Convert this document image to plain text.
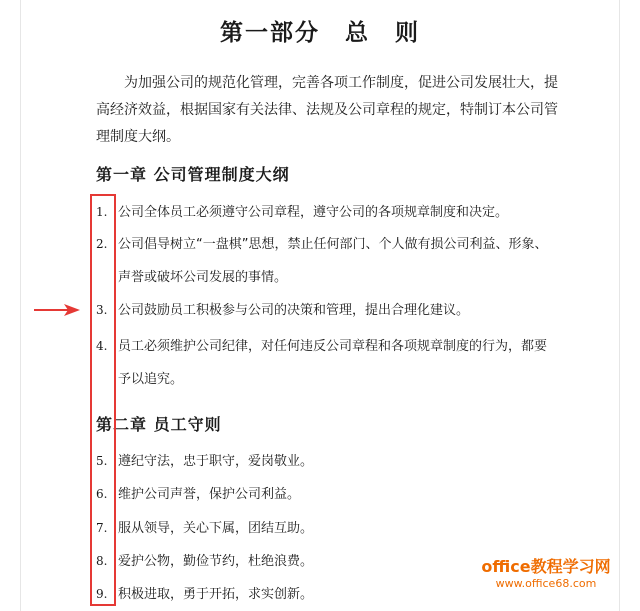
第一部分　总　则

为加强公司的规范化管理，完善各项工作制度，促进公司发展壮大，提高经济效益，根据国家有关法律、法规及公司章程的规定，特制订本公司管理制度大纲。

第一章 公司管理制度大纲
1. 公司全体员工必须遵守公司章程，遵守公司的各项规章制度和决定。
2. 公司倡导树立“一盘棋”思想，禁止任何部门、个人做有损公司利益、形象、
声誉或破坏公司发展的事情。
3. 公司鼓励员工积极参与公司的决策和管理，提出合理化建议。
4. 员工必须维护公司纪律，对任何违反公司章程和各项规章制度的行为，都要
予以追究。
第二章 员工守则
5. 遵纪守法，忠于职守，爱岗敬业。
6. 维护公司声誉，保护公司利益。
7. 服从领导，关心下属，团结互助。
8. 爱护公物，勤俭节约，杜绝浪费。
9. 积极进取，勇于开拓，求实创新。
office教程学习网
www.office68.com
